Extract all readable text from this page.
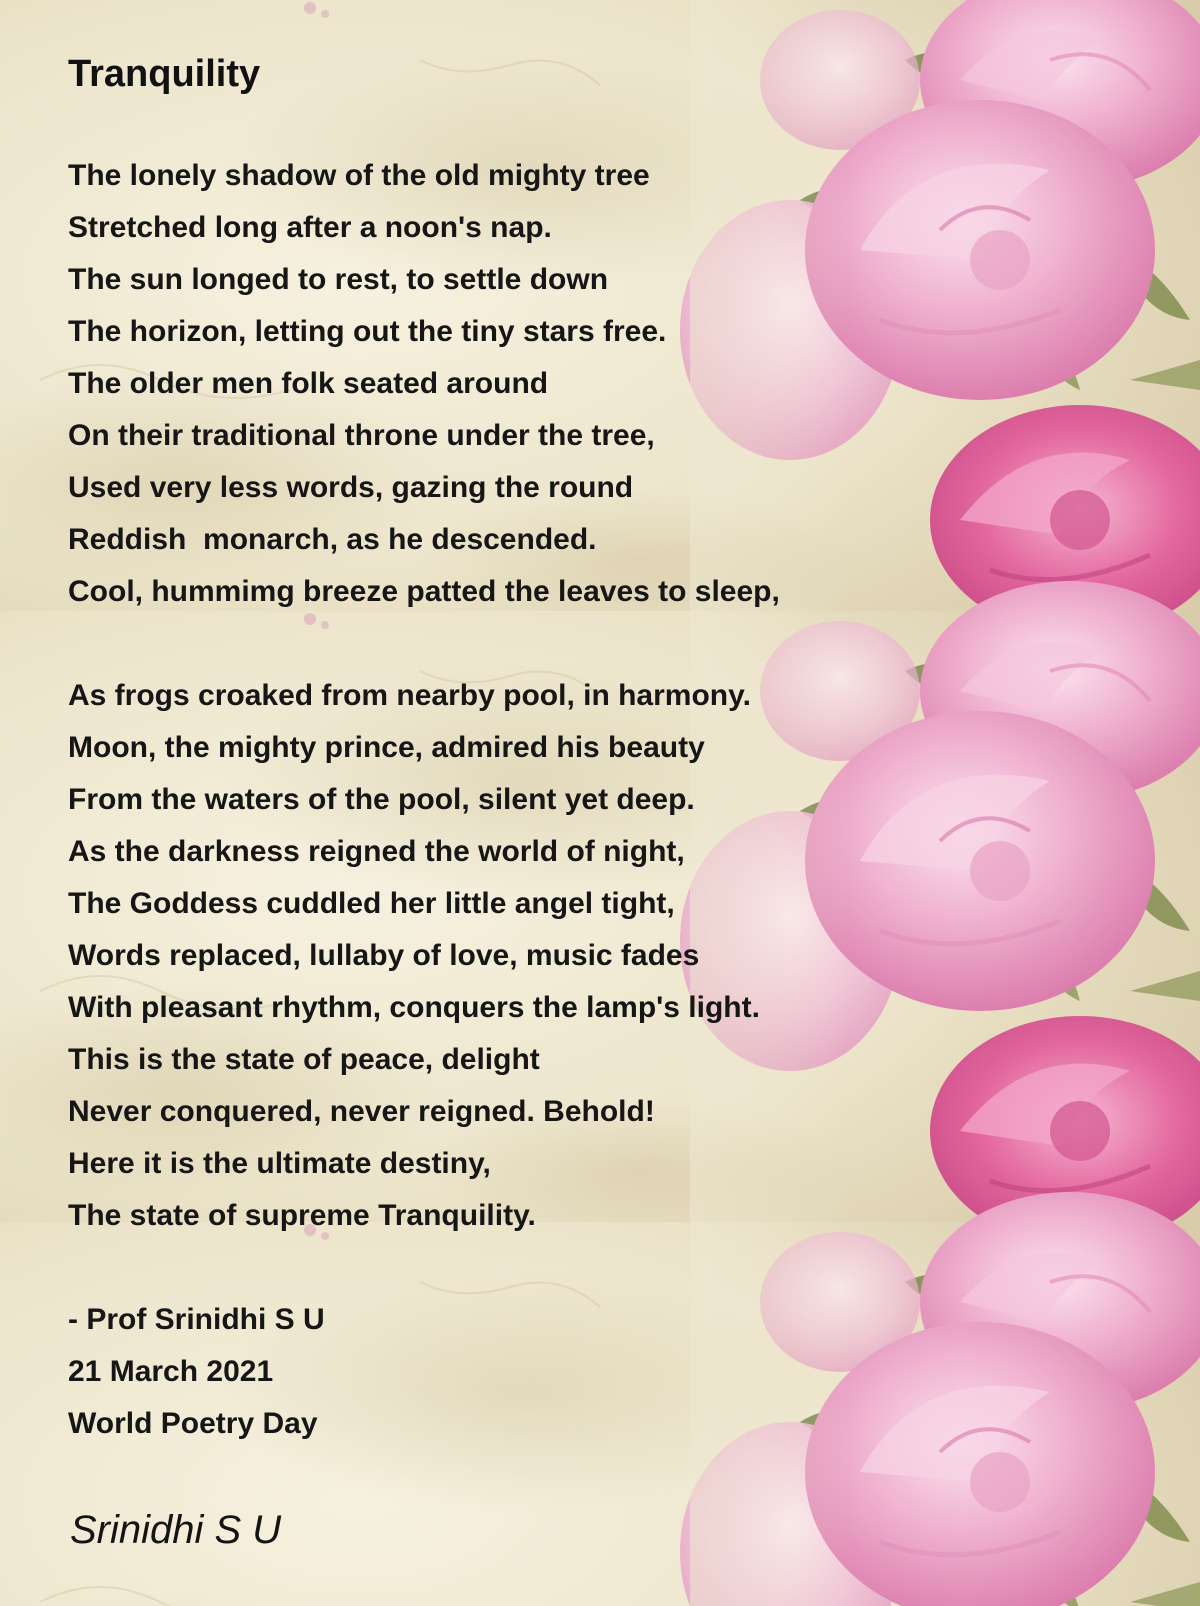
Tranquility
The lonely shadow of the old mighty tree
Stretched long after a noon's nap.
The sun longed to rest, to settle down
The horizon, letting out the tiny stars free.
The older men folk seated around
On their traditional throne under the tree,
Used very less words, gazing the round
Reddish  monarch, as he descended.
Cool, hummimg breeze patted the leaves to sleep,
As frogs croaked from nearby pool, in harmony.
Moon, the mighty prince, admired his beauty
From the waters of the pool, silent yet deep.
As the darkness reigned the world of night,
The Goddess cuddled her little angel tight,
Words replaced, lullaby of love, music fades
With pleasant rhythm, conquers the lamp's light.
This is the state of peace, delight
Never conquered, never reigned. Behold!
Here it is the ultimate destiny,
The state of supreme Tranquility.
- Prof Srinidhi S U
21 March 2021
World Poetry Day
Srinidhi S U
